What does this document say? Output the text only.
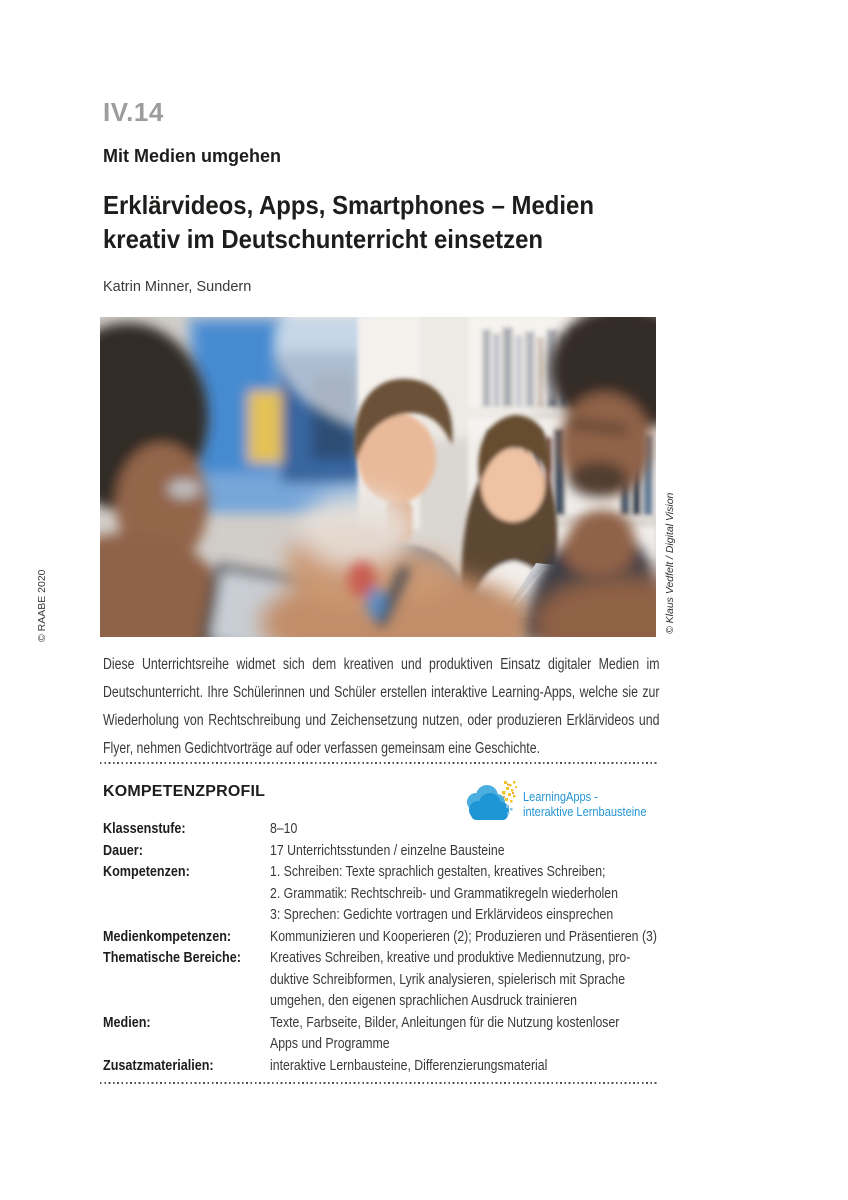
IV.14
Mit Medien umgehen
Erklärvideos, Apps, Smartphones – Medien
kreativ im Deutschunterricht einsetzen
Katrin Minner, Sundern
© RAABE 2020	© Klaus Vedfelt / Digital Vision

Diese Unterrichtsreihe widmet sich dem kreativen und produktiven Einsatz digitaler Medien im Deutschunterricht. Ihre Schülerinnen und Schüler erstellen interaktive Learning-Apps, welche sie zur Wiederholung von Rechtschreibung und Zeichensetzung nutzen, oder produzieren Erklärvideos und Flyer, nehmen Gedichtvorträge auf oder verfassen gemeinsam eine Geschichte.

KOMPETENZPROFIL	LearningApps -
interaktive Lernbausteine
Klassenstufe:	8–10
Dauer:	17 Unterrichtsstunden / einzelne Bausteine
Kompetenzen:	1. Schreiben: Texte sprachlich gestalten, kreatives Schreiben;
2. Grammatik: Rechtschreib- und Grammatikregeln wiederholen
3: Sprechen: Gedichte vortragen und Erklärvideos einsprechen
Medienkompetenzen:	Kommunizieren und Kooperieren (2); Produzieren und Präsentieren (3)
Thematische Bereiche: Kreatives Schreiben, kreative und produktive Mediennutzung, pro-
duktive Schreibformen, Lyrik analysieren, spielerisch mit Sprache
umgehen, den eigenen sprachlichen Ausdruck trainieren
Medien:	Texte, Farbseite, Bilder, Anleitungen für die Nutzung kostenloser
Apps und Programme
Zusatzmaterialien:	interaktive Lernbausteine, Differenzierungsmaterial
